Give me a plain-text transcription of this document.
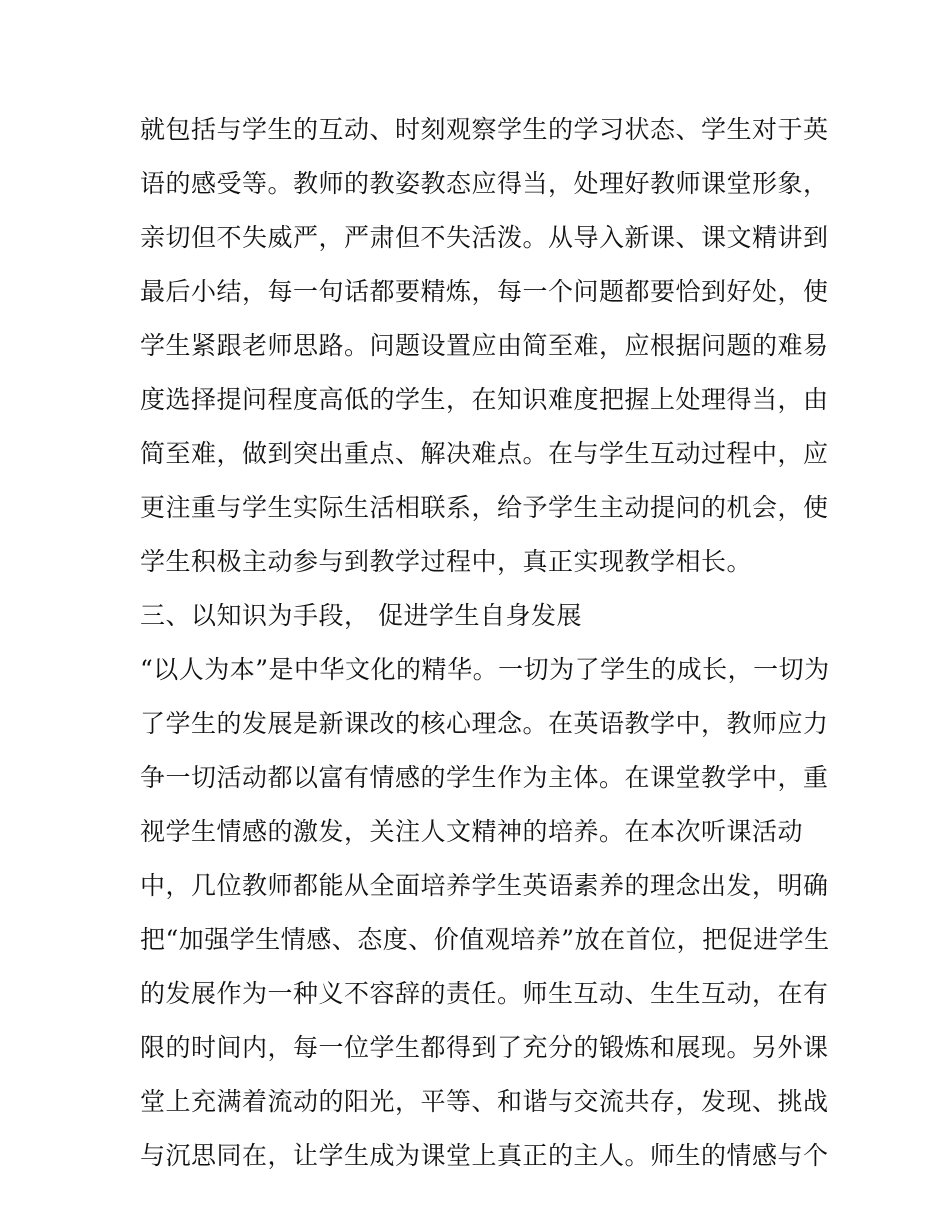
就包括与学生的互动、时刻观察学生的学习状态、学生对于英
语的感受等。教师的教姿教态应得当，处理好教师课堂形象，
亲切但不失威严，严肃但不失活泼。从导入新课、课文精讲到
最后小结，每一句话都要精炼，每一个问题都要恰到好处，使
学生紧跟老师思路。问题设置应由简至难，应根据问题的难易
度选择提问程度高低的学生，在知识难度把握上处理得当，由
简至难，做到突出重点、解决难点。在与学生互动过程中，应
更注重与学生实际生活相联系，给予学生主动提问的机会，使
学生积极主动参与到教学过程中，真正实现教学相长。
三、以知识为手段， 促进学生自身发展
“以人为本”是中华文化的精华。一切为了学生的成长，一切为
了学生的发展是新课改的核心理念。在英语教学中，教师应力
争一切活动都以富有情感的学生作为主体。在课堂教学中，重
视学生情感的激发，关注人文精神的培养。在本次听课活动
中，几位教师都能从全面培养学生英语素养的理念出发，明确
把“加强学生情感、态度、价值观培养”放在首位，把促进学生
的发展作为一种义不容辞的责任。师生互动、生生互动，在有
限的时间内，每一位学生都得到了充分的锻炼和展现。另外课
堂上充满着流动的阳光，平等、和谐与交流共存，发现、挑战
与沉思同在，让学生成为课堂上真正的主人。师生的情感与个
